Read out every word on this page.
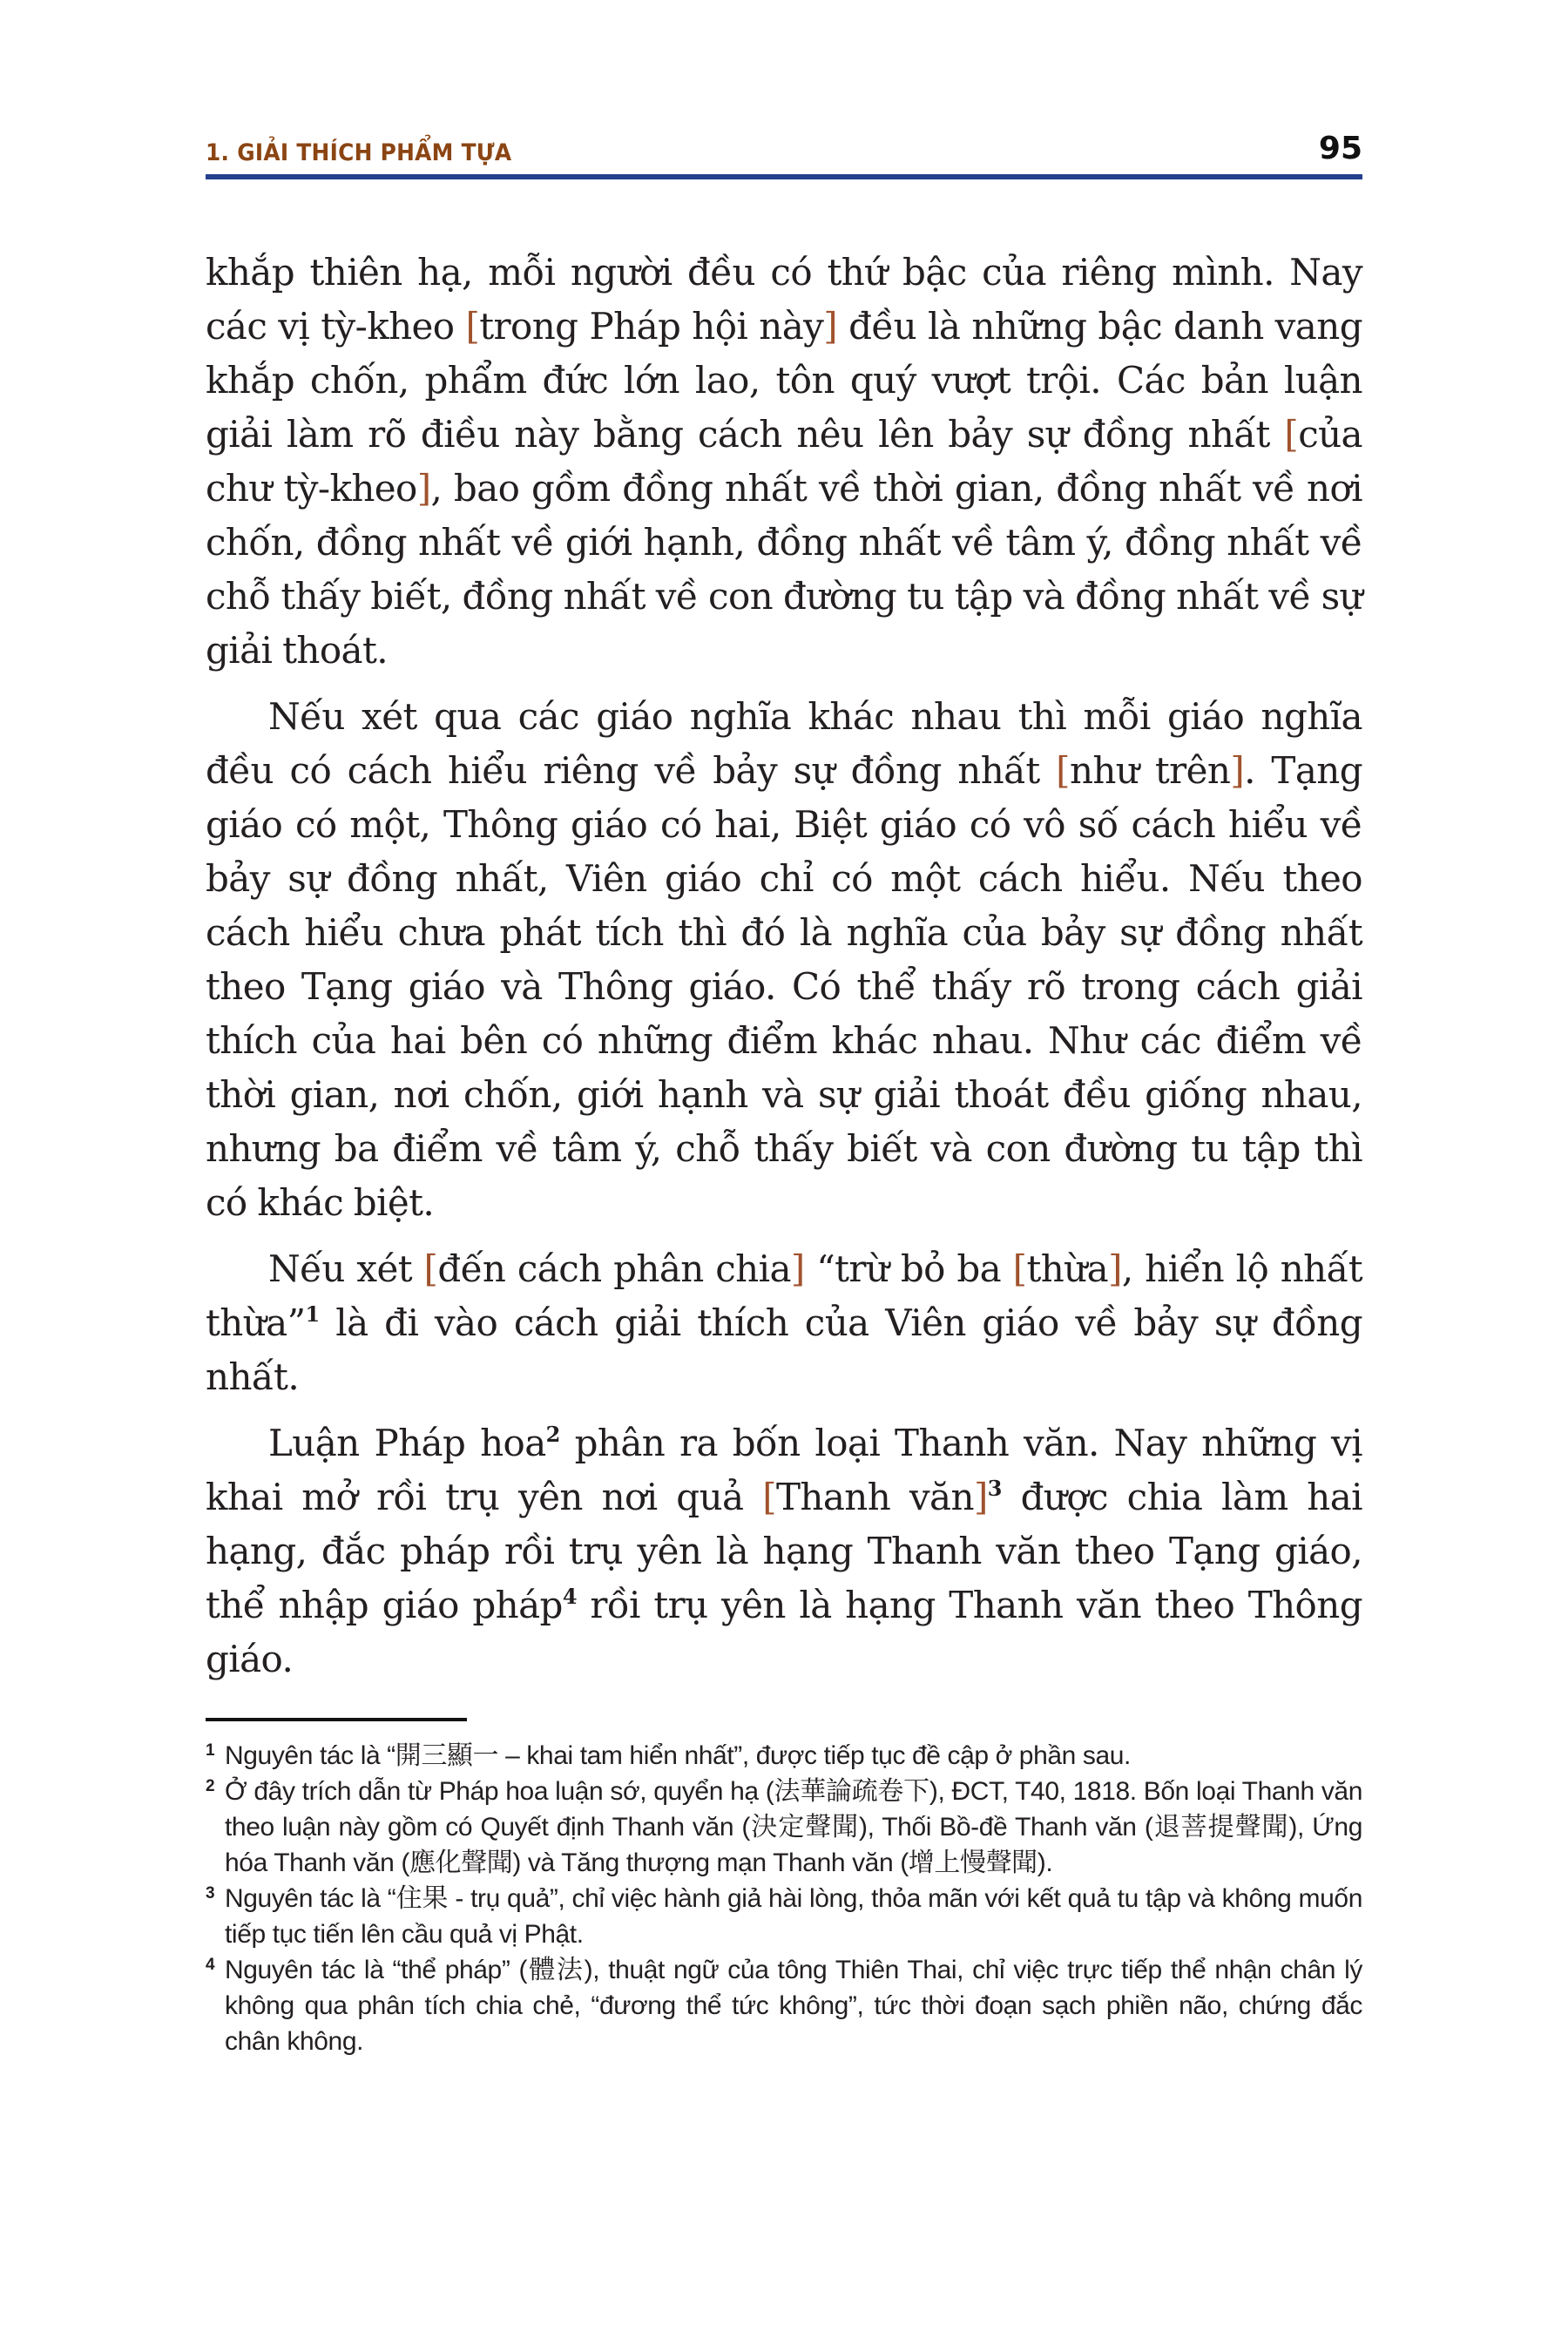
1. GIẢI THÍCH PHẨM TỰA	95

khắp thiên hạ, mỗi người đều có thứ bậc của riêng mình. Nay các vị tỳ-kheo [trong Pháp hội này] đều là những bậc danh vang khắp chốn, phẩm đức lớn lao, tôn quý vượt trội. Các bản luận giải làm rõ điều này bằng cách nêu lên bảy sự đồng nhất [của chư tỳ-kheo], bao gồm đồng nhất về thời gian, đồng nhất về nơi chốn, đồng nhất về giới hạnh, đồng nhất về tâm ý, đồng nhất về chỗ thấy biết, đồng nhất về con đường tu tập và đồng nhất về sự giải thoát.

Nếu xét qua các giáo nghĩa khác nhau thì mỗi giáo nghĩa đều có cách hiểu riêng về bảy sự đồng nhất [như trên]. Tạng giáo có một, Thông giáo có hai, Biệt giáo có vô số cách hiểu về bảy sự đồng nhất, Viên giáo chỉ có một cách hiểu. Nếu theo cách hiểu chưa phát tích thì đó là nghĩa của bảy sự đồng nhất theo Tạng giáo và Thông giáo. Có thể thấy rõ trong cách giải thích của hai bên có những điểm khác nhau. Như các điểm về thời gian, nơi chốn, giới hạnh và sự giải thoát đều giống nhau, nhưng ba điểm về tâm ý, chỗ thấy biết và con đường tu tập thì có khác biệt.

Nếu xét [đến cách phân chia] “trừ bỏ ba [thừa], hiển lộ nhất thừa”$^1$ là đi vào cách giải thích của Viên giáo về bảy sự đồng nhất.

Luận Pháp hoa$^2$ phân ra bốn loại Thanh văn. Nay những vị khai mở rồi trụ yên nơi quả [Thanh văn]$^3$ được chia làm hai hạng, đắc pháp rồi trụ yên là hạng Thanh văn theo Tạng giáo, thể nhập giáo pháp$^4$ rồi trụ yên là hạng Thanh văn theo Thông giáo.

1 Nguyên tác là “開三顯一 – khai tam hiển nhất”, được tiếp tục đề cập ở phần sau.

2 Ở đây trích dẫn từ Pháp hoa luận sớ, quyển hạ (法華論疏卷下), ĐCT, T40, 1818. Bốn loại Thanh văn theo luận này gồm có Quyết định Thanh văn (決定聲聞), Thối Bồ-đề Thanh văn (退菩提聲聞), Ứng hóa Thanh văn (應化聲聞) và Tăng thượng mạn Thanh văn (增上慢聲聞).

3 Nguyên tác là “住果 - trụ quả”, chỉ việc hành giả hài lòng, thỏa mãn với kết quả tu tập và không muốn tiếp tục tiến lên cầu quả vị Phật.

4 Nguyên tác là “thể pháp” (體法), thuật ngữ của tông Thiên Thai, chỉ việc trực tiếp thể nhận chân lý không qua phân tích chia chẻ, “đương thể tức không”, tức thời đoạn sạch phiền não, chứng đắc chân không.
